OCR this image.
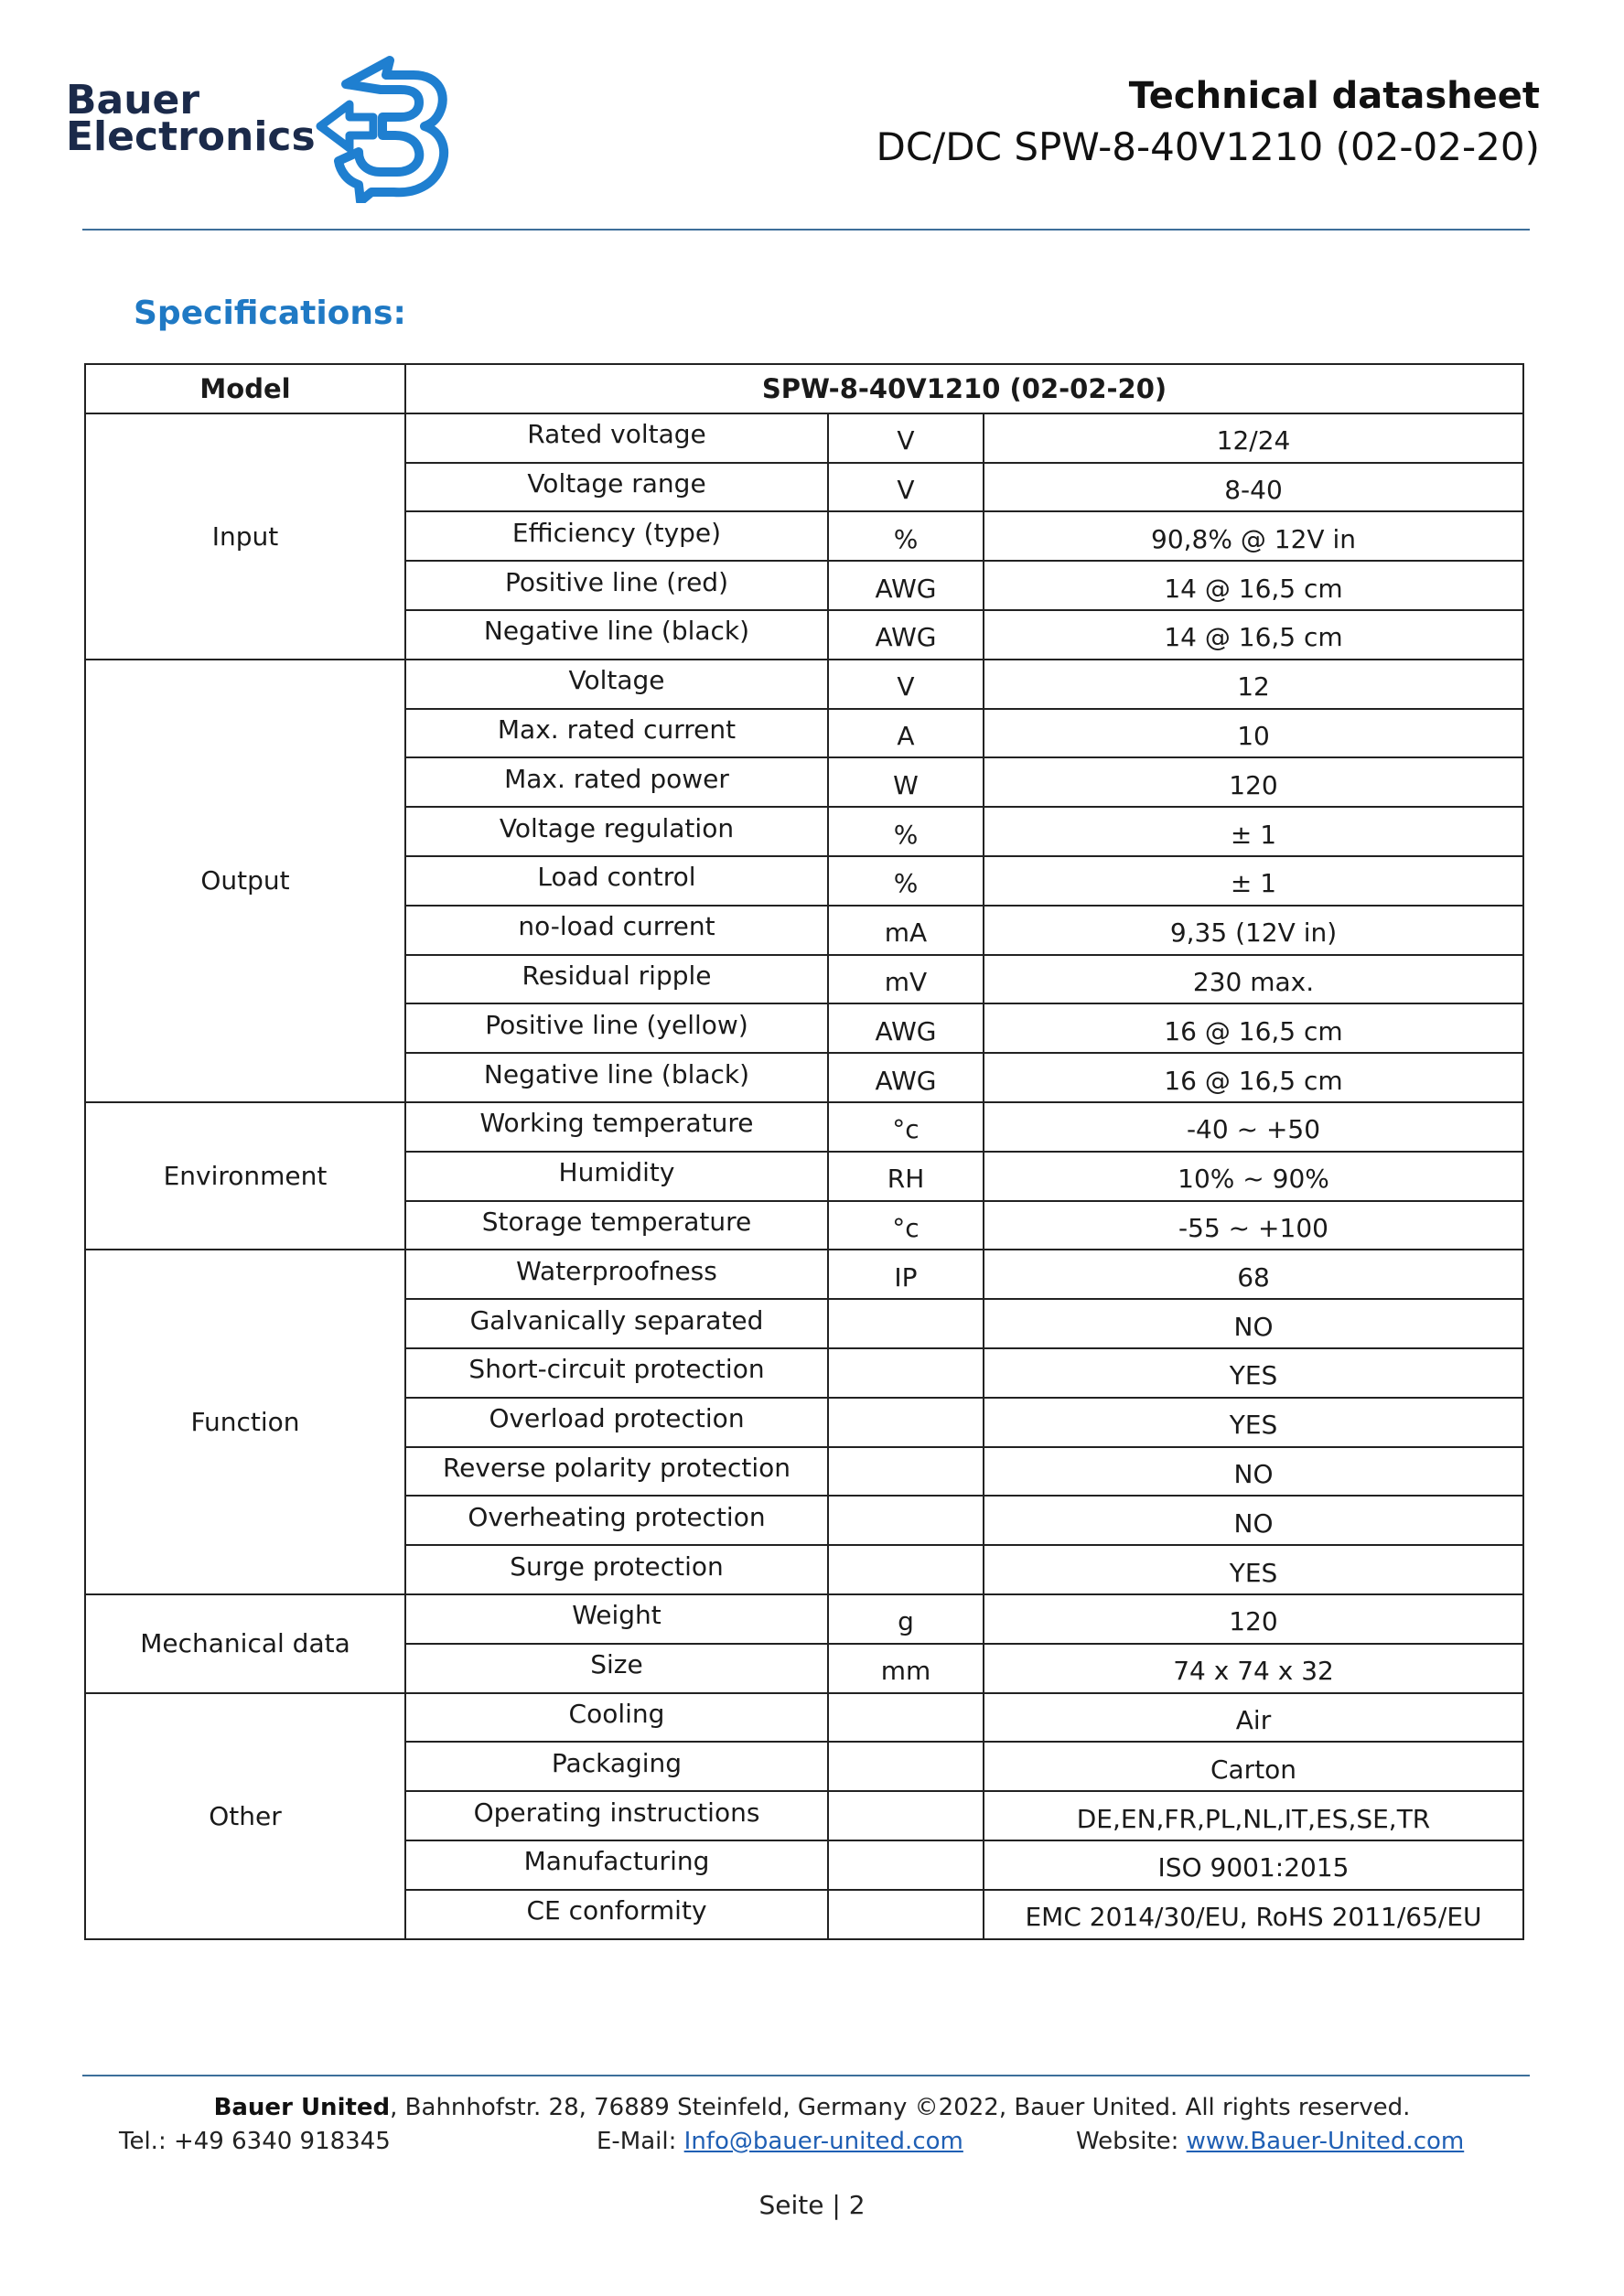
Bauer
Electronics
Technical datasheet
DC/DC SPW-8-40V1210 (02-02-20)
Specifications:
Model	SPW-8-40V1210 (02-02-20)		
Input	Rated voltage	V	12/24
	Voltage range	V	8-40
	Efficiency (type)	%	90,8% @ 12V in
	Positive line (red)	AWG	14 @ 16,5 cm
	Negative line (black)	AWG	14 @ 16,5 cm
Output	Voltage	V	12
	Max. rated current	A	10
	Max. rated power	W	120
	Voltage regulation	%	± 1
	Load control	%	± 1
	no-load current	mA	9,35 (12V in)
	Residual ripple	mV	230 max.
	Positive line (yellow)	AWG	16 @ 16,5 cm
	Negative line (black)	AWG	16 @ 16,5 cm
Environment	Working temperature	°c	-40 ~ +50
	Humidity	RH	10% ~ 90%
	Storage temperature	°c	-55 ~ +100
Function	Waterproofness	IP	68
	Galvanically separated		NO
	Short-circuit protection		YES
	Overload protection		YES
	Reverse polarity protection		NO
	Overheating protection		NO
	Surge protection		YES
Mechanical data	Weight	g	120
	Size	mm	74 x 74 x 32
Other	Cooling		Air
	Packaging		Carton
	Operating instructions		DE,EN,FR,PL,NL,IT,ES,SE,TR
	Manufacturing		ISO 9001:2015
	CE conformity		EMC 2014/30/EU, RoHS 2011/65/EU
Bauer United, Bahnhofstr. 28, 76889 Steinfeld, Germany ©2022, Bauer United. All rights reserved.
Tel.: +49 6340 918345	E-Mail: Info@bauer-united.com	Website: www.Bauer-United.com
Seite | 2
